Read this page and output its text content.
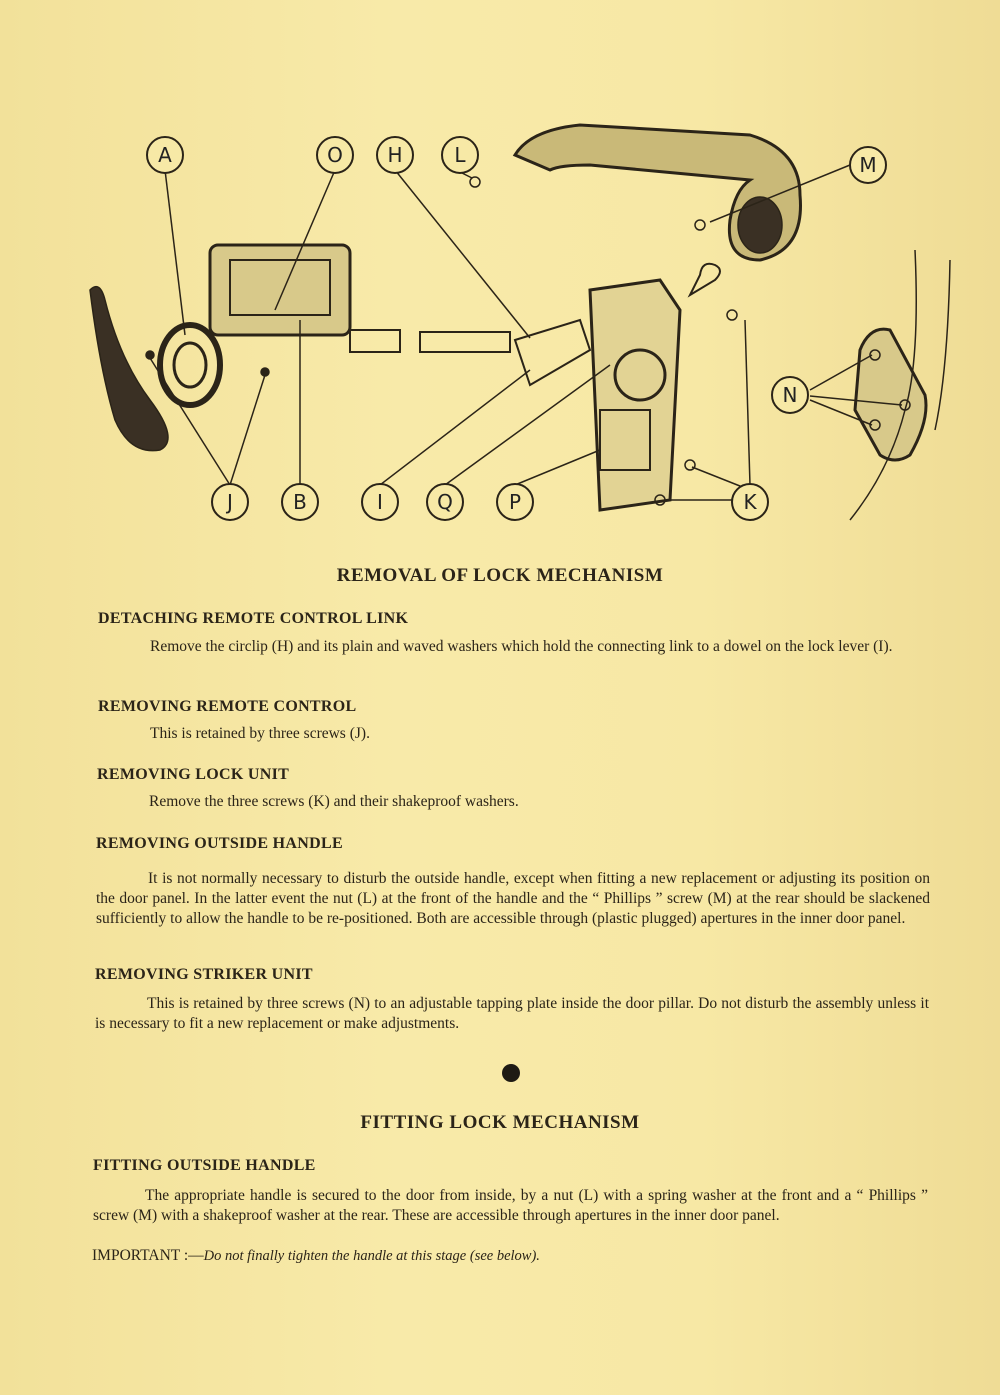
A	O H	L	M
N
J	B	I	Q	P	K
REMOVAL OF LOCK MECHANISM
DETACHING REMOTE CONTROL LINK
Remove the circlip (H) and its plain and waved washers which hold the connecting link to a dowel on the lock lever (I).
REMOVING REMOTE CONTROL
This is retained by three screws (J).
REMOVING LOCK UNIT
Remove the three screws (K) and their shakeproof washers.
REMOVING OUTSIDE HANDLE
It is not normally necessary to disturb the outside handle, except when fitting a new replacement or adjusting its position on the door panel. In the latter event the nut (L) at the front of the handle and the “ Phillips ” screw (M) at the rear should be slackened sufficiently to allow the handle to be re-positioned. Both are accessible through (plastic plugged) apertures in the inner door panel.
REMOVING STRIKER UNIT
This is retained by three screws (N) to an adjustable tapping plate inside the door pillar. Do not disturb the assembly unless it is necessary to fit a new replacement or make adjustments.
FITTING LOCK MECHANISM
FITTING OUTSIDE HANDLE
The appropriate handle is secured to the door from inside, by a nut (L) with a spring washer at the front and a “ Phillips ” screw (M) with a shakeproof washer at the rear. These are accessible through apertures in the inner door panel.
IMPORTANT :—Do not finally tighten the handle at this stage (see below).
